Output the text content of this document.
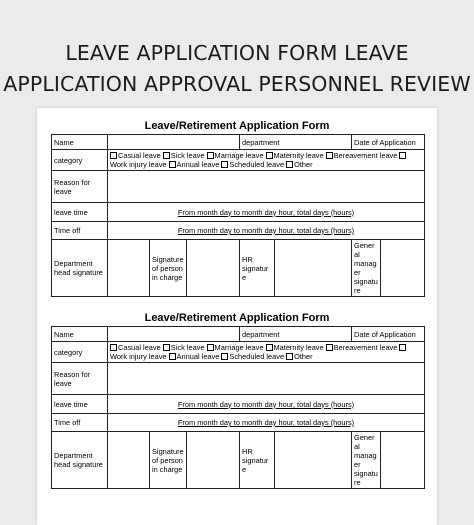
LEAVE APPLICATION FORM LEAVE APPLICATION APPROVAL PERSONNEL REVIEW
Leave/Retirement Application Form
Name				department		Date of Application	
category	Casual leave Sick leave Marriage leave Maternity leave Bereavement leave Work injury leave Annual leave Scheduled leave Other						
Reason for leave							
leave time	From month day to month day hour, total days (hours)						
Time off	From month day to month day hour, total days (hours)						
Department head signature		Signature of person in charge		HR signature		General manager signature	
Leave/Retirement Application Form
Name				department		Date of Application	
category	Casual leave Sick leave Marriage leave Maternity leave Bereavement leave Work injury leave Annual leave Scheduled leave Other						
Reason for leave							
leave time	From month day to month day hour, total days (hours)						
Time off	From month day to month day hour, total days (hours)						
Department head signature		Signature of person in charge		HR signature		General manager signature	
